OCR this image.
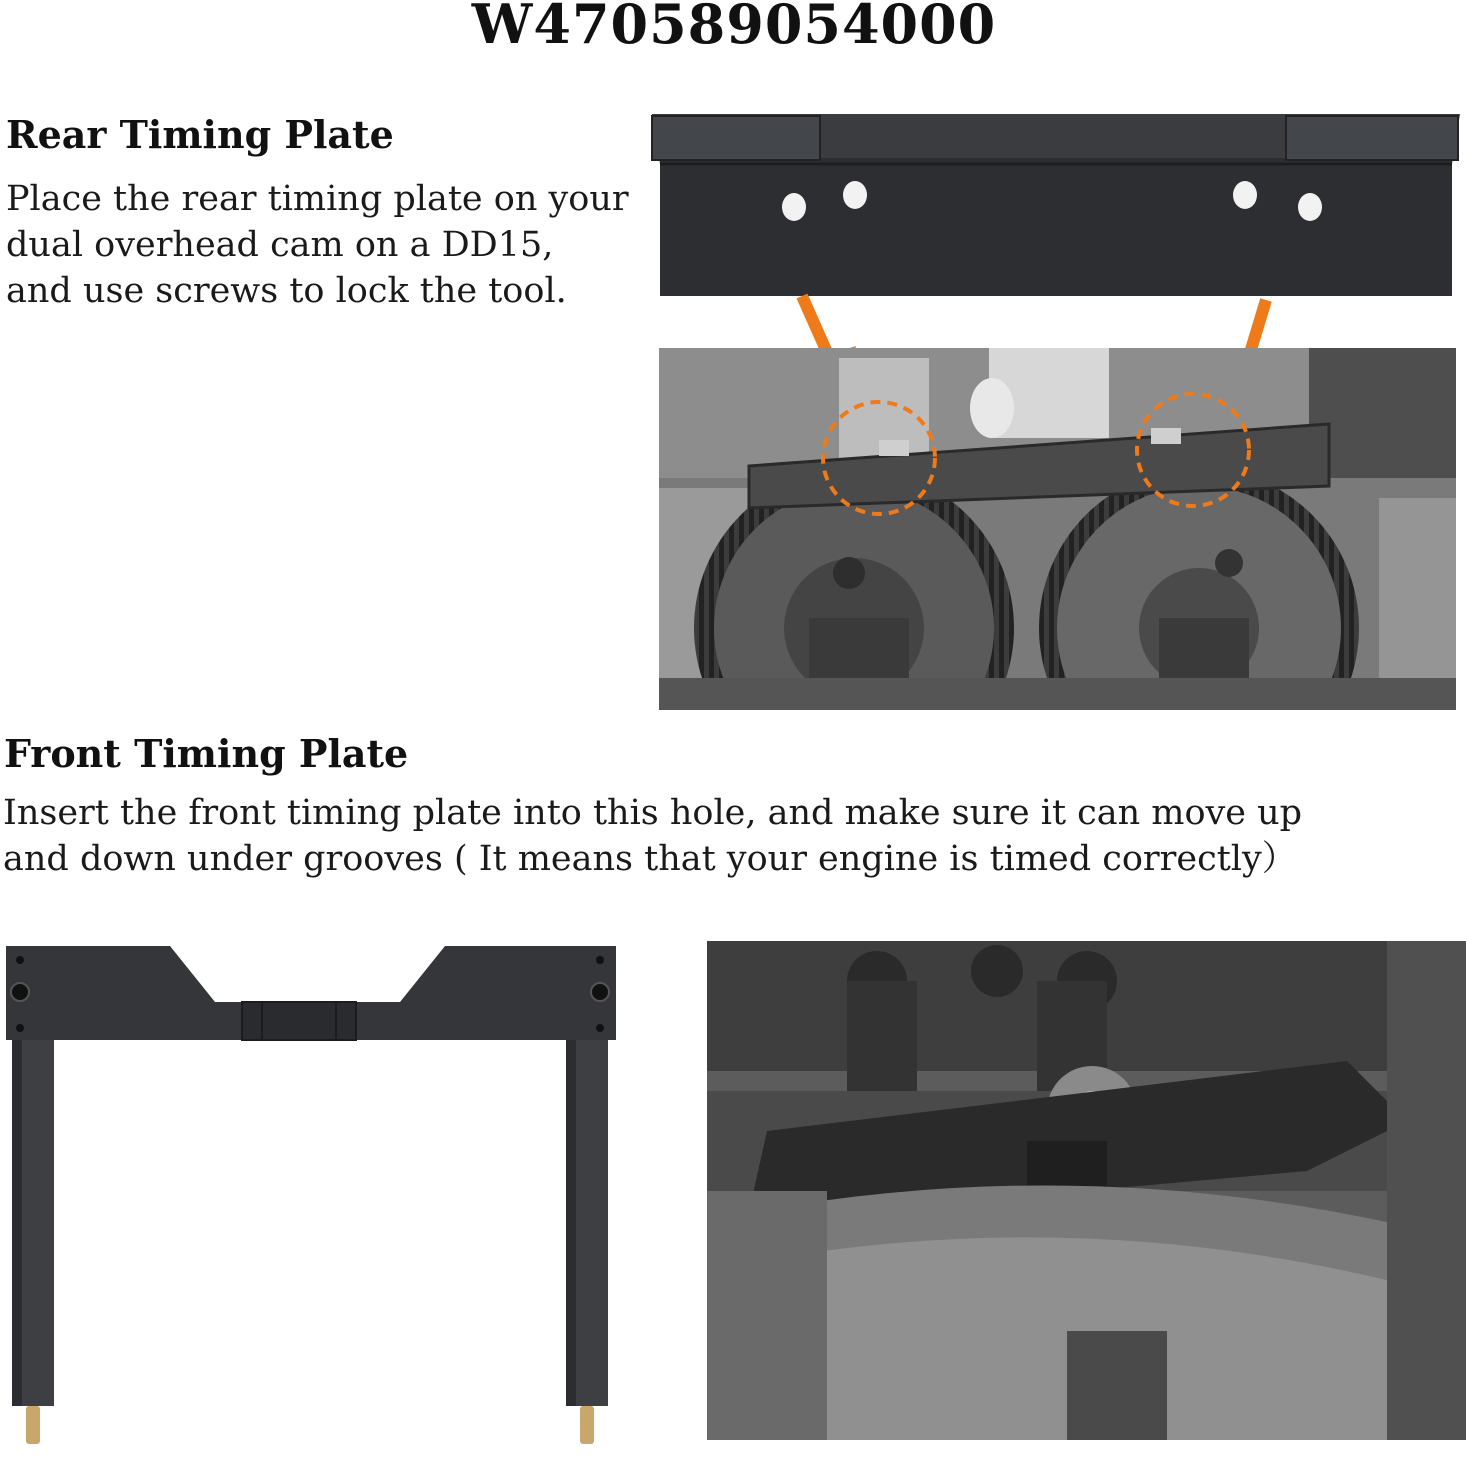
W470589054000
Rear Timing Plate
Place the rear timing plate on your
dual overhead cam on a DD15,
and use screws to lock the tool.
Front Timing Plate
Insert the front timing plate into this hole, and make sure it can move up
and down under grooves ( It means that your engine is timed correctly）
